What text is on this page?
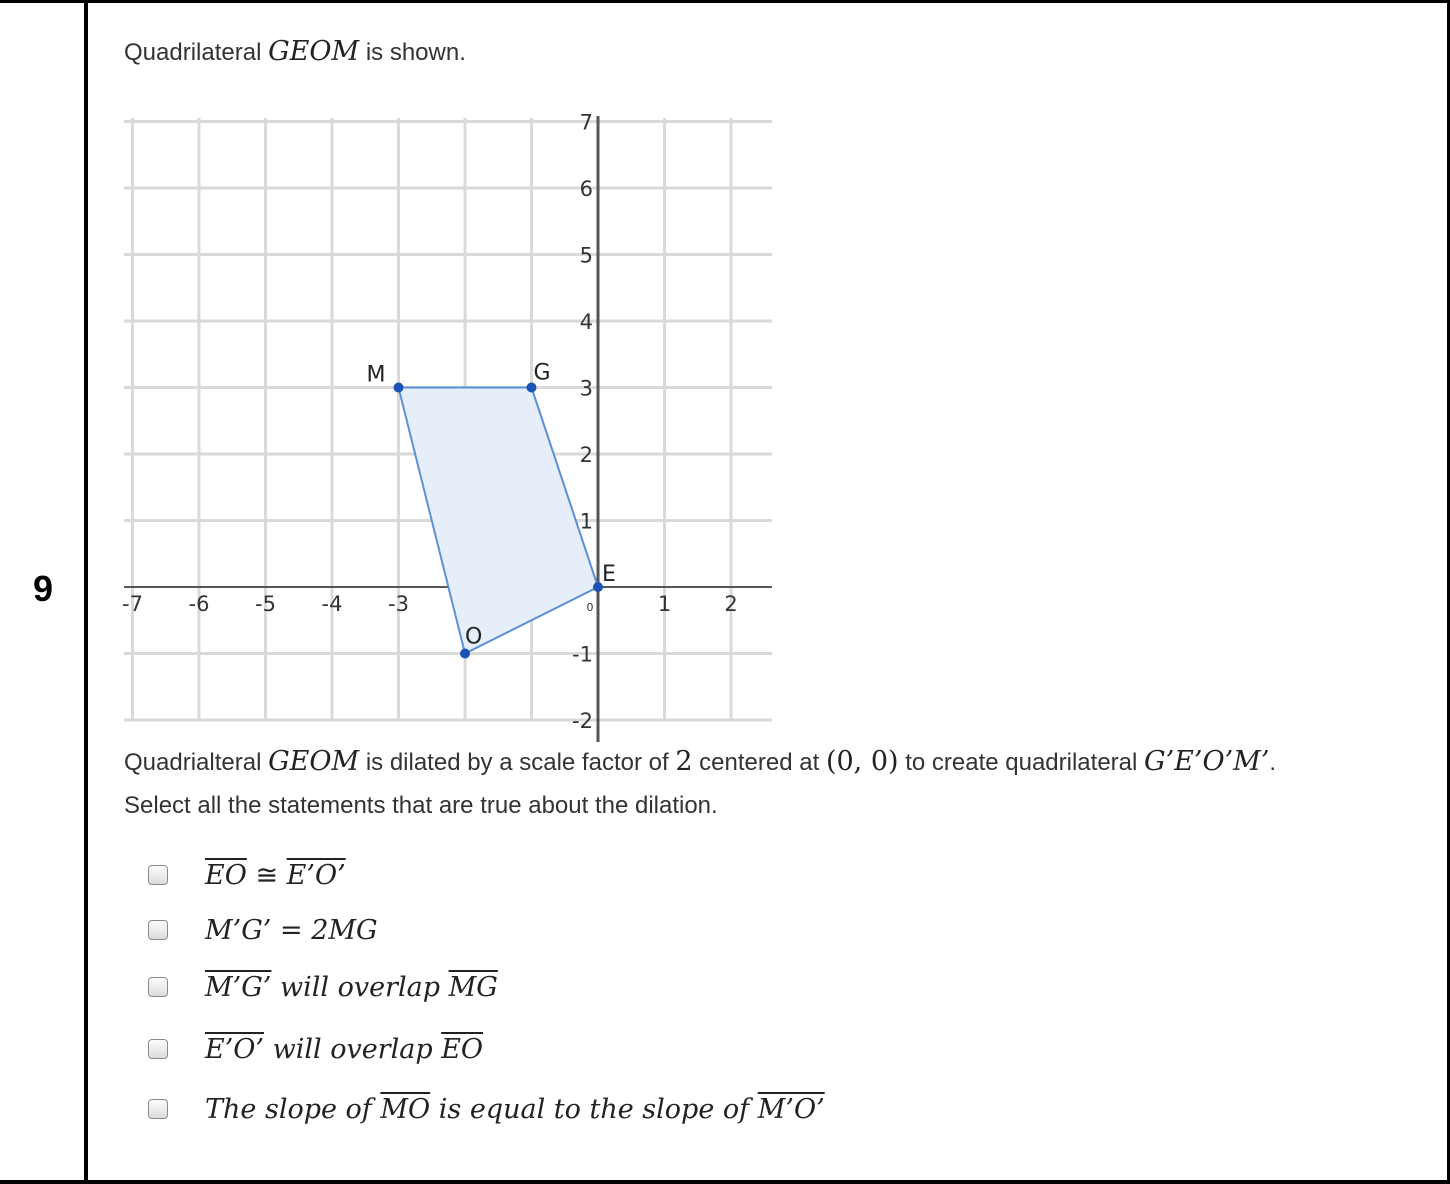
9
Quadrilateral GEOM is shown.
-7 -6 -5 -4 -3	0	1	2
-2
-1
1
2
3
4
5
6
7
G
E
O
M
Quadrialteral GEOM is dilated by a scale factor of 2 centered at (0, 0) to create quadrilateral G’E’O’M’.
Select all the statements that are true about the dilation.
$\overline{EO}$ ≅ E’O’
M’G’ = 2MG
M’G’ will overlap $\overline{MG}$
E’O’ will overlap $\overline{EO}$
The slope of $\overline{MO}$ is equal to the slope of M’O’
